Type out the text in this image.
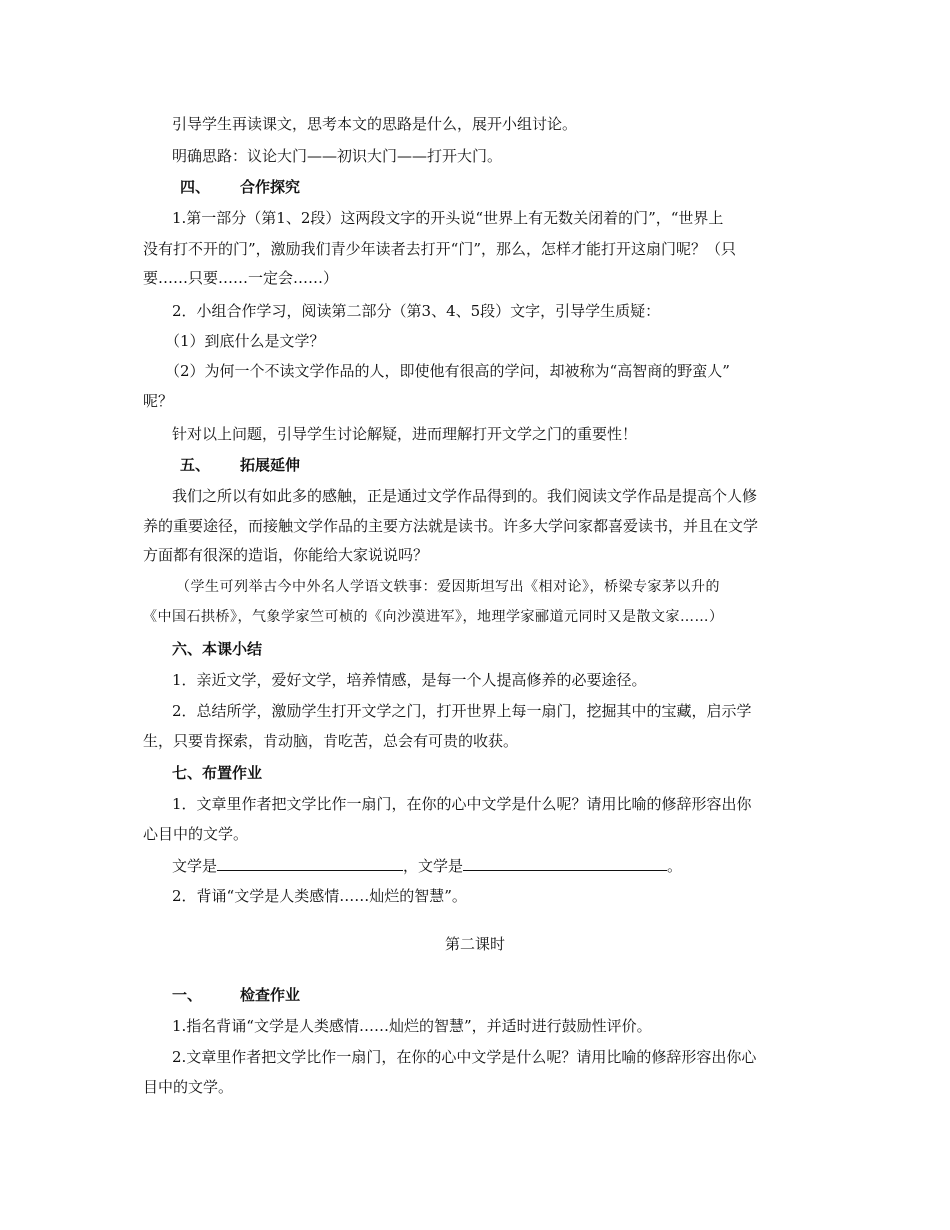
引导学生再读课文，思考本文的思路是什么，展开小组讨论。
明确思路：议论大门——初识大门——打开大门。
四、 合作探究
1.第一部分（第1、2段）这两段文字的开头说“世界上有无数关闭着的门”，“世界上
没有打不开的门”，激励我们青少年读者去打开“门”，那么，怎样才能打开这扇门呢？（只
要……只要……一定会……）
2．小组合作学习，阅读第二部分（第3、4、5段）文字，引导学生质疑：
（1）到底什么是文学？
（2）为何一个不读文学作品的人，即使他有很高的学问，却被称为“高智商的野蛮人”
呢？
针对以上问题，引导学生讨论解疑，进而理解打开文学之门的重要性！
五、 拓展延伸
我们之所以有如此多的感触，正是通过文学作品得到的。我们阅读文学作品是提高个人修
养的重要途径，而接触文学作品的主要方法就是读书。许多大学问家都喜爱读书，并且在文学
方面都有很深的造诣，你能给大家说说吗？
（学生可列举古今中外名人学语文轶事：爱因斯坦写出《相对论》，桥梁专家茅以升的
《中国石拱桥》，气象学家竺可桢的《向沙漠进军》，地理学家郦道元同时又是散文家……）
六、本课小结
1．亲近文学，爱好文学，培养情感，是每一个人提高修养的必要途径。
2．总结所学，激励学生打开文学之门，打开世界上每一扇门，挖掘其中的宝藏，启示学
生，只要肯探索，肯动脑，肯吃苦，总会有可贵的收获。
七、布置作业
1．文章里作者把文学比作一扇门，在你的心中文学是什么呢？请用比喻的修辞形容出你
心目中的文学。
文学是	，文学是	。
2．背诵“文学是人类感情……灿烂的智慧”。
第二课时
一、	检查作业
1.指名背诵“文学是人类感情……灿烂的智慧”，并适时进行鼓励性评价。
2.文章里作者把文学比作一扇门，在你的心中文学是什么呢？请用比喻的修辞形容出你心
目中的文学。
